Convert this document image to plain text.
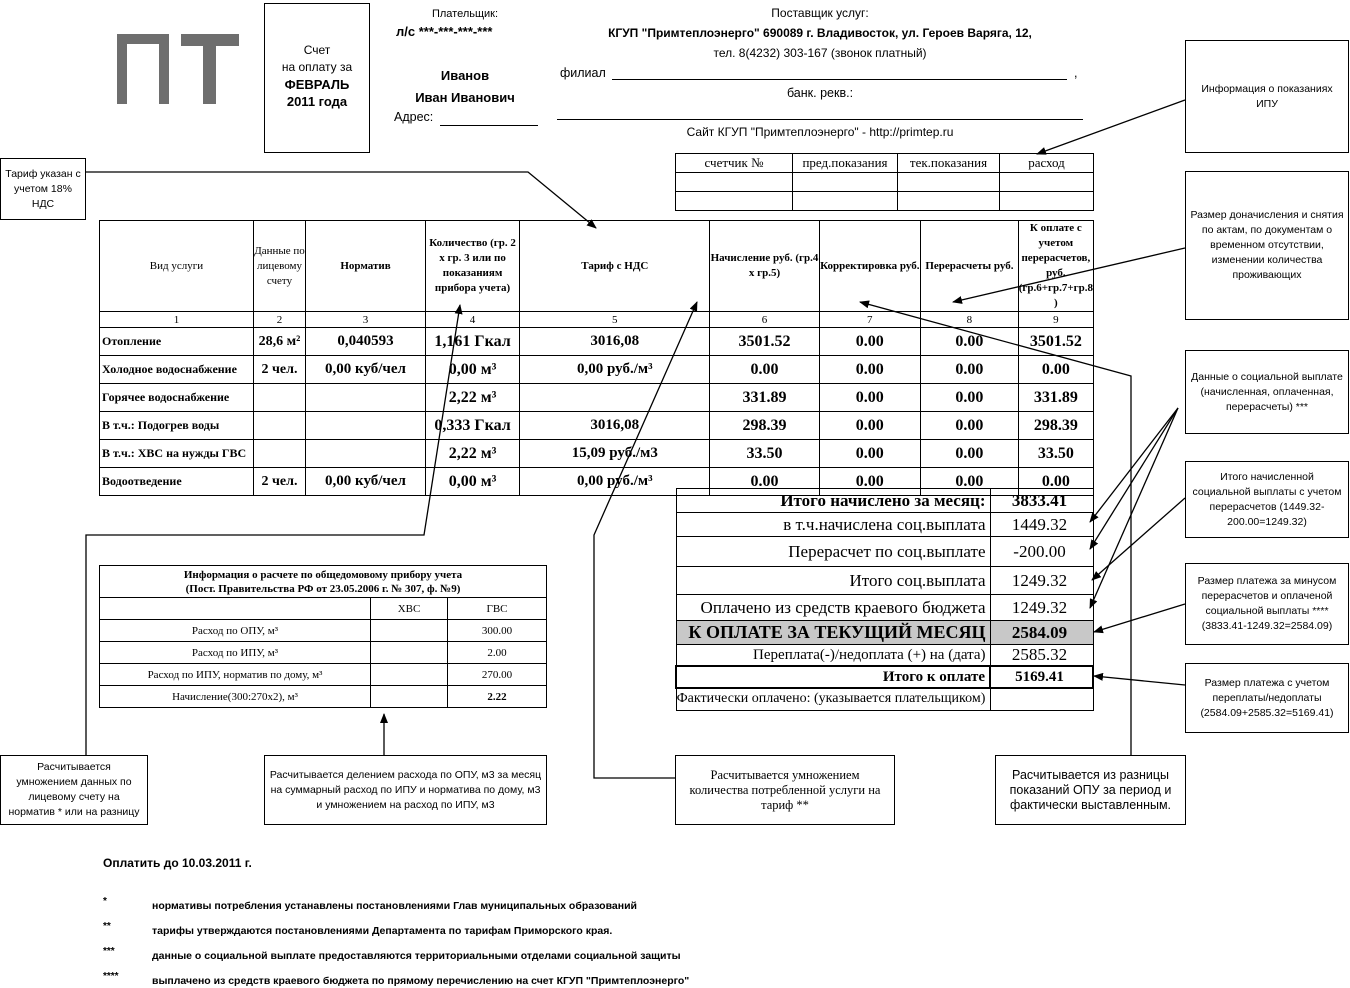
Счет
на оплату за
ФЕВРАЛЬ
2011 года
Плательщик:
л/с ***-***-***-***
Иванов
Иван Иванович
Адрес:
Поставщик услуг:
КГУП "Примтеплоэнерго" 690089 г. Владивосток, ул. Героев Варяга, 12,
тел. 8(4232) 303-167 (звонок платный)
филиал	,
банк. рекв.:
Сайт КГУП "Примтеплоэнерго" - http://primtep.ru
счетчик №	пред.показания	тек.показания	расход

Вид услуги	Данные по лицевому счету	Норматив	Количество (гр. 2 х гр. 3 или по показаниям прибора учета)	Тариф с НДС	Начисление руб. (гр.4 х гр.5)	Корректировка руб.	Перерасчеты руб.	К оплате с учетом перерасчетов, руб. (гр.6+гр.7+гр.8 )
1	2	3	4	5	6	7	8	9
Отопление	28,6 м²	0,040593	1,161 Гкал	3016,08	3501.52	0.00	0.00	3501.52
Холодное водоснабжение	2 чел.	0,00 куб/чел	0,00 м³	0,00 руб./м³	0.00	0.00	0.00	0.00
Горячее водоснабжение			2,22 м³		331.89	0.00	0.00	331.89
В т.ч.: Подогрев воды			0,333 Гкал	3016,08	298.39	0.00	0.00	298.39
В т.ч.: ХВС на нужды ГВС			2,22 м³	15,09 руб./м3	33.50	0.00	0.00	33.50
Водоотведение	2 чел.	0,00 куб/чел	0,00 м³	0,00 руб./м³	0.00	0.00	0.00	0.00
Итого начислено за месяц:	3833.41
в т.ч.начислена соц.выплата	1449.32
Перерасчет по соц.выплате	-200.00
Итого соц.выплата	1249.32
Оплачено из средств краевого бюджета	1249.32
К ОПЛАТЕ ЗА ТЕКУЩИЙ МЕСЯЦ	2584.09
Переплата(-)/недоплата (+) на (дата)	2585.32
Итого к оплате	5169.41
Фактически оплачено: (указывается плательщиком)	
Информация о расчете по общедомовому прибору учета
(Пост. Правительства РФ от 23.05.2006 г. № 307, ф. №9)		

	ХВС	ГВС
Расход по ОПУ, м³		300.00
Расход по ИПУ, м³		2.00
Расход по ИПУ, норматив по дому, м³		270.00
Начисление(300:270х2), м³		2.22
Тариф указан с учетом 18% НДС
Информация о показаниях ИПУ
Размер доначисления и снятия по актам, по документам о временном отсутствии, изменении количества проживающих
Данные о социальной выплате (начисленная, оплаченная, перерасчеты) ***
Итого начисленной социальной выплаты с учетом перерасчетов (1449.32-200.00=1249.32)
Размер платежа за минусом перерасчетов и оплаченой социальной выплаты **** (3833.41-1249.32=2584.09)
Размер платежа с учетом переплаты/недоплаты (2584.09+2585.32=5169.41)
Расчитывается умножением данных по лицевому счету на норматив * или на разницу
Расчитывается делением расхода по ОПУ, м3 за месяц на суммарный расход по ИПУ и норматива по дому, м3 и умножением на расход по ИПУ, м3
Расчитывается умножением количества потребленной услуги на тариф **
Расчитывается из разницы показаний ОПУ за период и фактически выставленным.
Оплатить до 10.03.2011 г.
*	нормативы потребления устанавлены постановлениями Глав муниципальных образований
**	тарифы утверждаются постановлениями Департамента по тарифам Приморского края.
***	данные о социальной выплате предоставляются территориальными отделами социальной защиты
****	выплачено из средств краевого бюджета по прямому перечислению на счет КГУП "Примтеплоэнерго"
